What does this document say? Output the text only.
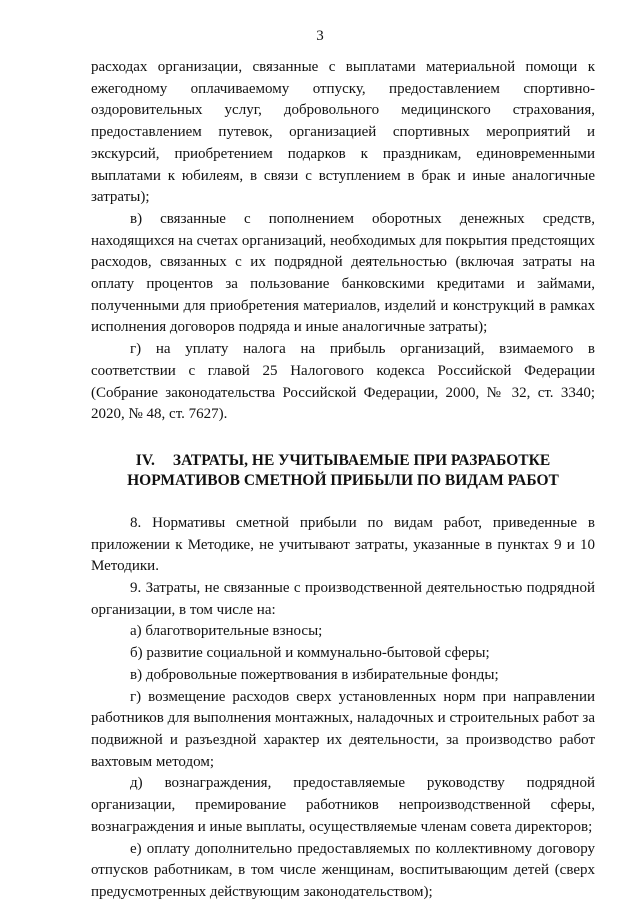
3

расходах организации, связанные с выплатами материальной помощи к ежегодному оплачиваемому отпуску, предоставлением спортивно-оздоровительных услуг, добровольного медицинского страхования, предоставлением путевок, организацией спортивных мероприятий и экскурсий, приобретением подарков к праздникам, единовременными выплатами к юбилеям, в связи с вступлением в брак и иные аналогичные затраты);

в) связанные с пополнением оборотных денежных средств, находящихся на счетах организаций, необходимых для покрытия предстоящих расходов, связанных с их подрядной деятельностью (включая затраты на оплату процентов за пользование банковскими кредитами и займами, полученными для приобретения материалов, изделий и конструкций в рамках исполнения договоров подряда и иные аналогичные затраты);

г) на уплату налога на прибыль организаций, взимаемого в соответствии с главой 25 Налогового кодекса Российской Федерации (Собрание законодательства Российской Федерации, 2000, № 32, ст. 3340; 2020, № 48, ст. 7627).

IV. ЗАТРАТЫ, НЕ УЧИТЫВАЕМЫЕ ПРИ РАЗРАБОТКЕ
НОРМАТИВОВ СМЕТНОЙ ПРИБЫЛИ ПО ВИДАМ РАБОТ

8. Нормативы сметной прибыли по видам работ, приведенные в приложении к Методике, не учитывают затраты, указанные в пунктах 9 и 10 Методики.

9. Затраты, не связанные с производственной деятельностью подрядной организации, в том числе на:

а) благотворительные взносы;

б) развитие социальной и коммунально-бытовой сферы;

в) добровольные пожертвования в избирательные фонды;

г) возмещение расходов сверх установленных норм при направлении работников для выполнения монтажных, наладочных и строительных работ за подвижной и разъездной характер их деятельности, за производство работ вахтовым методом;

д) вознаграждения, предоставляемые руководству подрядной организации, премирование работников непроизводственной сферы, вознаграждения и иные выплаты, осуществляемые членам совета директоров;

е) оплату дополнительно предоставляемых по коллективному договору отпусков работникам, в том числе женщинам, воспитывающим детей (сверх предусмотренных действующим законодательством);
